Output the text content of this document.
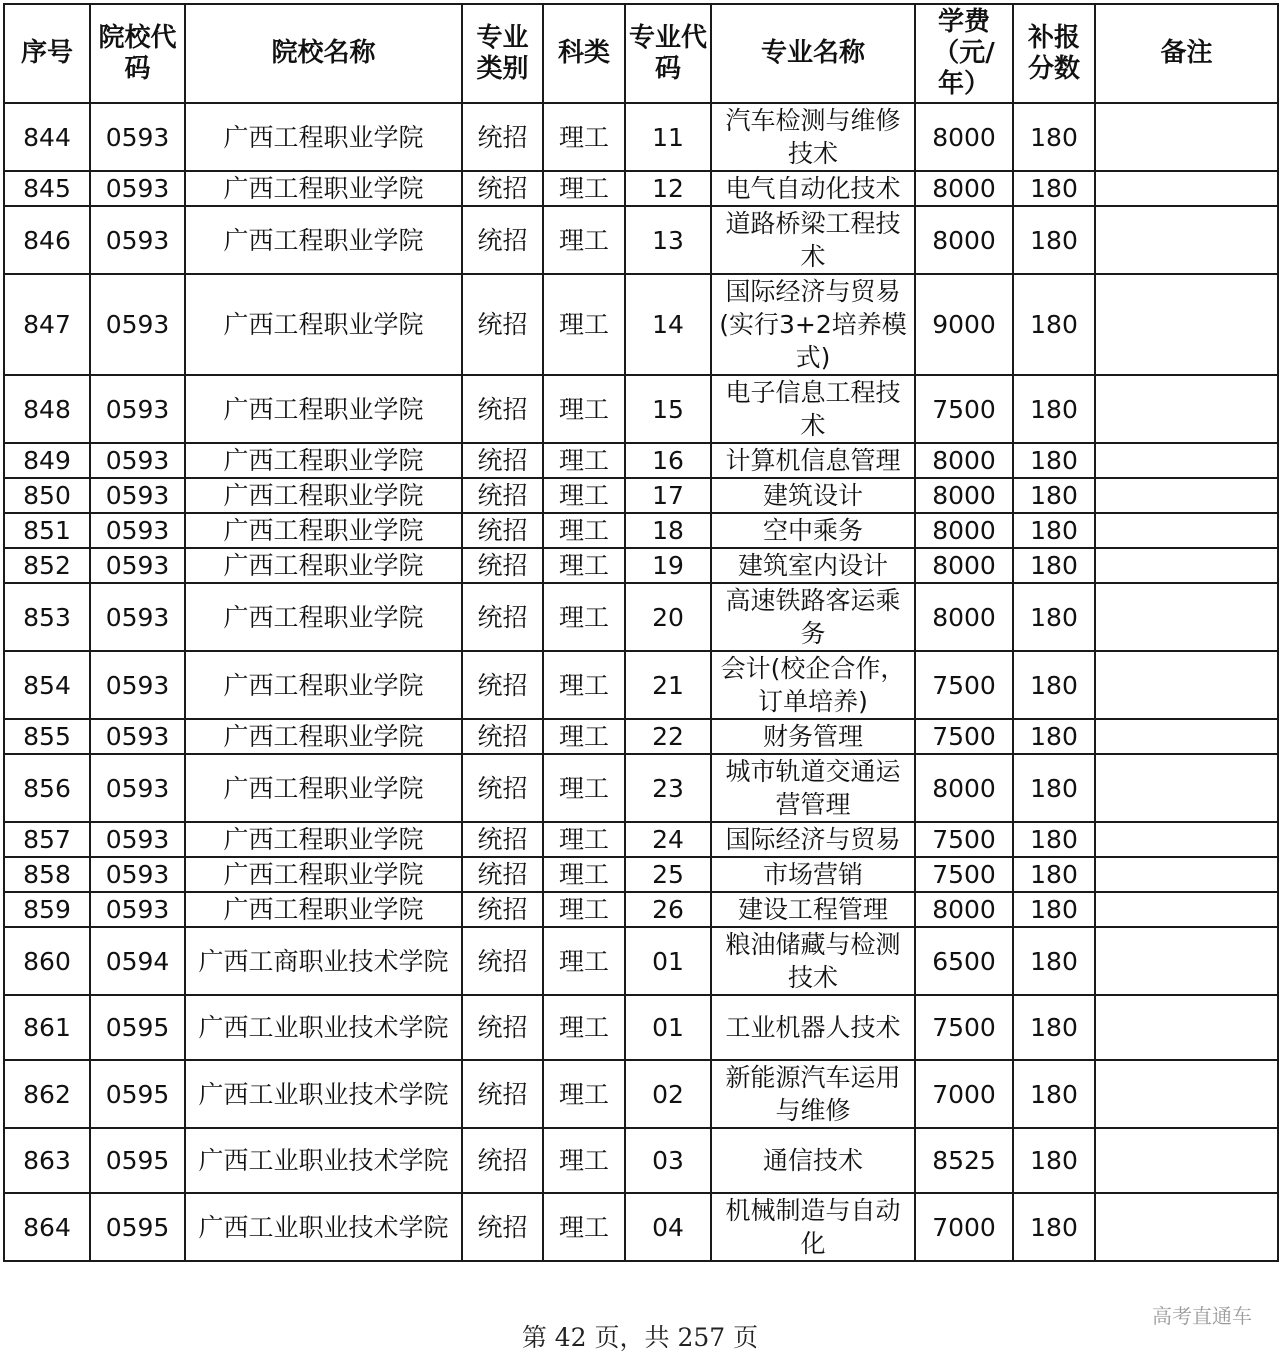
序号	院校代码	院校名称	专业类别	科类	专业代码	专业名称	学费（元/年）	补报分数	备注
844	0593	广西工程职业学院	统招	理工	11	汽车检测与维修技术	8000	180	
845	0593	广西工程职业学院	统招	理工	12	电气自动化技术	8000	180	
846	0593	广西工程职业学院	统招	理工	13	道路桥梁工程技术	8000	180	
847	0593	广西工程职业学院	统招	理工	14	国际经济与贸易(实行3+2培养模式)	9000	180	
848	0593	广西工程职业学院	统招	理工	15	电子信息工程技术	7500	180	
849	0593	广西工程职业学院	统招	理工	16	计算机信息管理	8000	180	
850	0593	广西工程职业学院	统招	理工	17	建筑设计	8000	180	
851	0593	广西工程职业学院	统招	理工	18	空中乘务	8000	180	
852	0593	广西工程职业学院	统招	理工	19	建筑室内设计	8000	180	
853	0593	广西工程职业学院	统招	理工	20	高速铁路客运乘务	8000	180	
854	0593	广西工程职业学院	统招	理工	21	会计(校企合作，订单培养)	7500	180	
855	0593	广西工程职业学院	统招	理工	22	财务管理	7500	180	
856	0593	广西工程职业学院	统招	理工	23	城市轨道交通运营管理	8000	180	
857	0593	广西工程职业学院	统招	理工	24	国际经济与贸易	7500	180	
858	0593	广西工程职业学院	统招	理工	25	市场营销	7500	180	
859	0593	广西工程职业学院	统招	理工	26	建设工程管理	8000	180	
860	0594	广西工商职业技术学院	统招	理工	01	粮油储藏与检测技术	6500	180	
861	0595	广西工业职业技术学院	统招	理工	01	工业机器人技术	7500	180	
862	0595	广西工业职业技术学院	统招	理工	02	新能源汽车运用与维修	7000	180	
863	0595	广西工业职业技术学院	统招	理工	03	通信技术	8525	180	
864	0595	广西工业职业技术学院	统招	理工	04	机械制造与自动化	7000	180	
第 42 页，共 257 页
高考直通车
